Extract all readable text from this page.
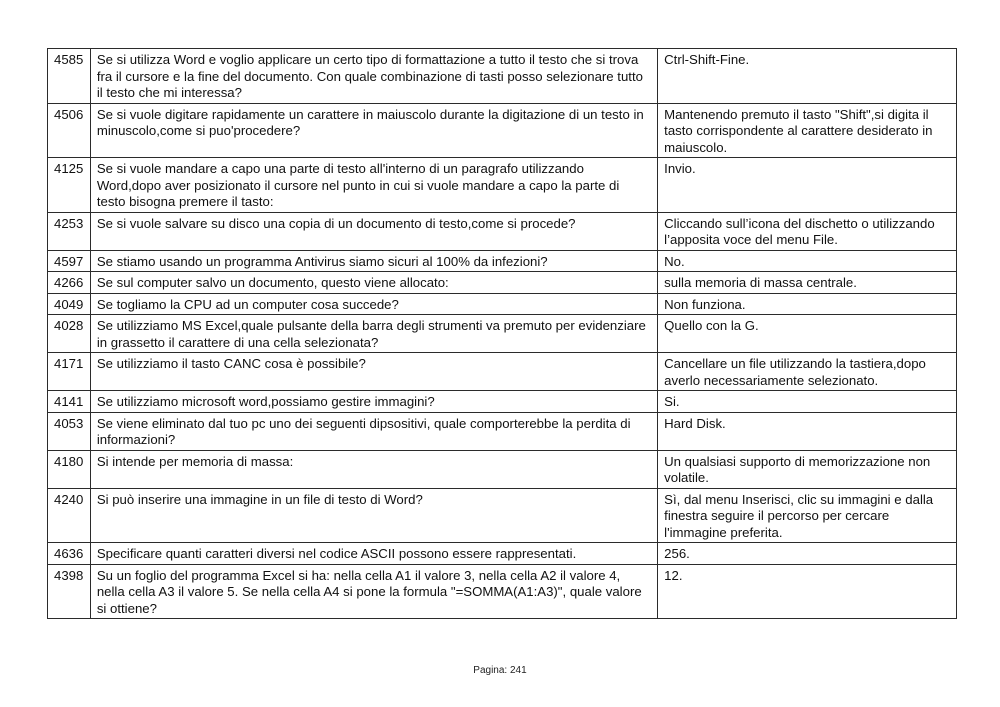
4585	Se si utilizza Word e voglio applicare un certo tipo di formattazione a tutto il testo che si trova fra il cursore e la fine del documento. Con quale combinazione di tasti posso selezionare tutto il testo che mi interessa?	Ctrl-Shift-Fine.
4506	Se si vuole digitare rapidamente un carattere in maiuscolo durante la digitazione di un testo in minuscolo,come si puo'procedere?	Mantenendo premuto il tasto "Shift",si digita il tasto corrispondente al carattere desiderato in maiuscolo.
4125	Se si vuole mandare a capo una parte di testo all'interno di un paragrafo utilizzando Word,dopo aver posizionato il cursore nel punto in cui si vuole mandare a capo la parte di testo bisogna premere il tasto:	Invio.
4253	Se si vuole salvare su disco una copia di un documento di testo,come si procede?	Cliccando sull’icona del dischetto o utilizzando l’apposita voce del menu File.
4597	Se stiamo usando un programma Antivirus siamo sicuri al 100% da infezioni?	No.
4266	Se sul computer salvo un documento, questo viene allocato:	sulla memoria di massa centrale.
4049	Se togliamo la CPU ad un computer cosa succede?	Non funziona.
4028	Se utilizziamo MS Excel,quale pulsante della barra degli strumenti va premuto per evidenziare in grassetto il carattere di una cella selezionata?	Quello con la G.
4171	Se utilizziamo il tasto CANC cosa è possibile?	Cancellare un file utilizzando la tastiera,dopo averlo necessariamente selezionato.
4141	Se utilizziamo microsoft word,possiamo gestire immagini?	Si.
4053	Se viene eliminato dal tuo pc uno dei seguenti dipsositivi, quale comporterebbe la perdita di informazioni?	Hard Disk.
4180	Si intende per memoria di massa:	Un qualsiasi supporto di memorizzazione non volatile.
4240	Si può inserire una immagine in un file di testo di Word?	Sì, dal menu Inserisci, clic su immagini e dalla finestra seguire il percorso per cercare l'immagine preferita.
4636	Specificare quanti caratteri diversi nel codice ASCII possono essere rappresentati.	256.
4398	Su un foglio del programma Excel si ha: nella cella A1 il valore 3, nella cella A2 il valore 4, nella cella A3 il valore 5. Se nella cella A4 si pone la formula "=SOMMA(A1:A3)", quale valore si ottiene?	12.
Pagina: 241
